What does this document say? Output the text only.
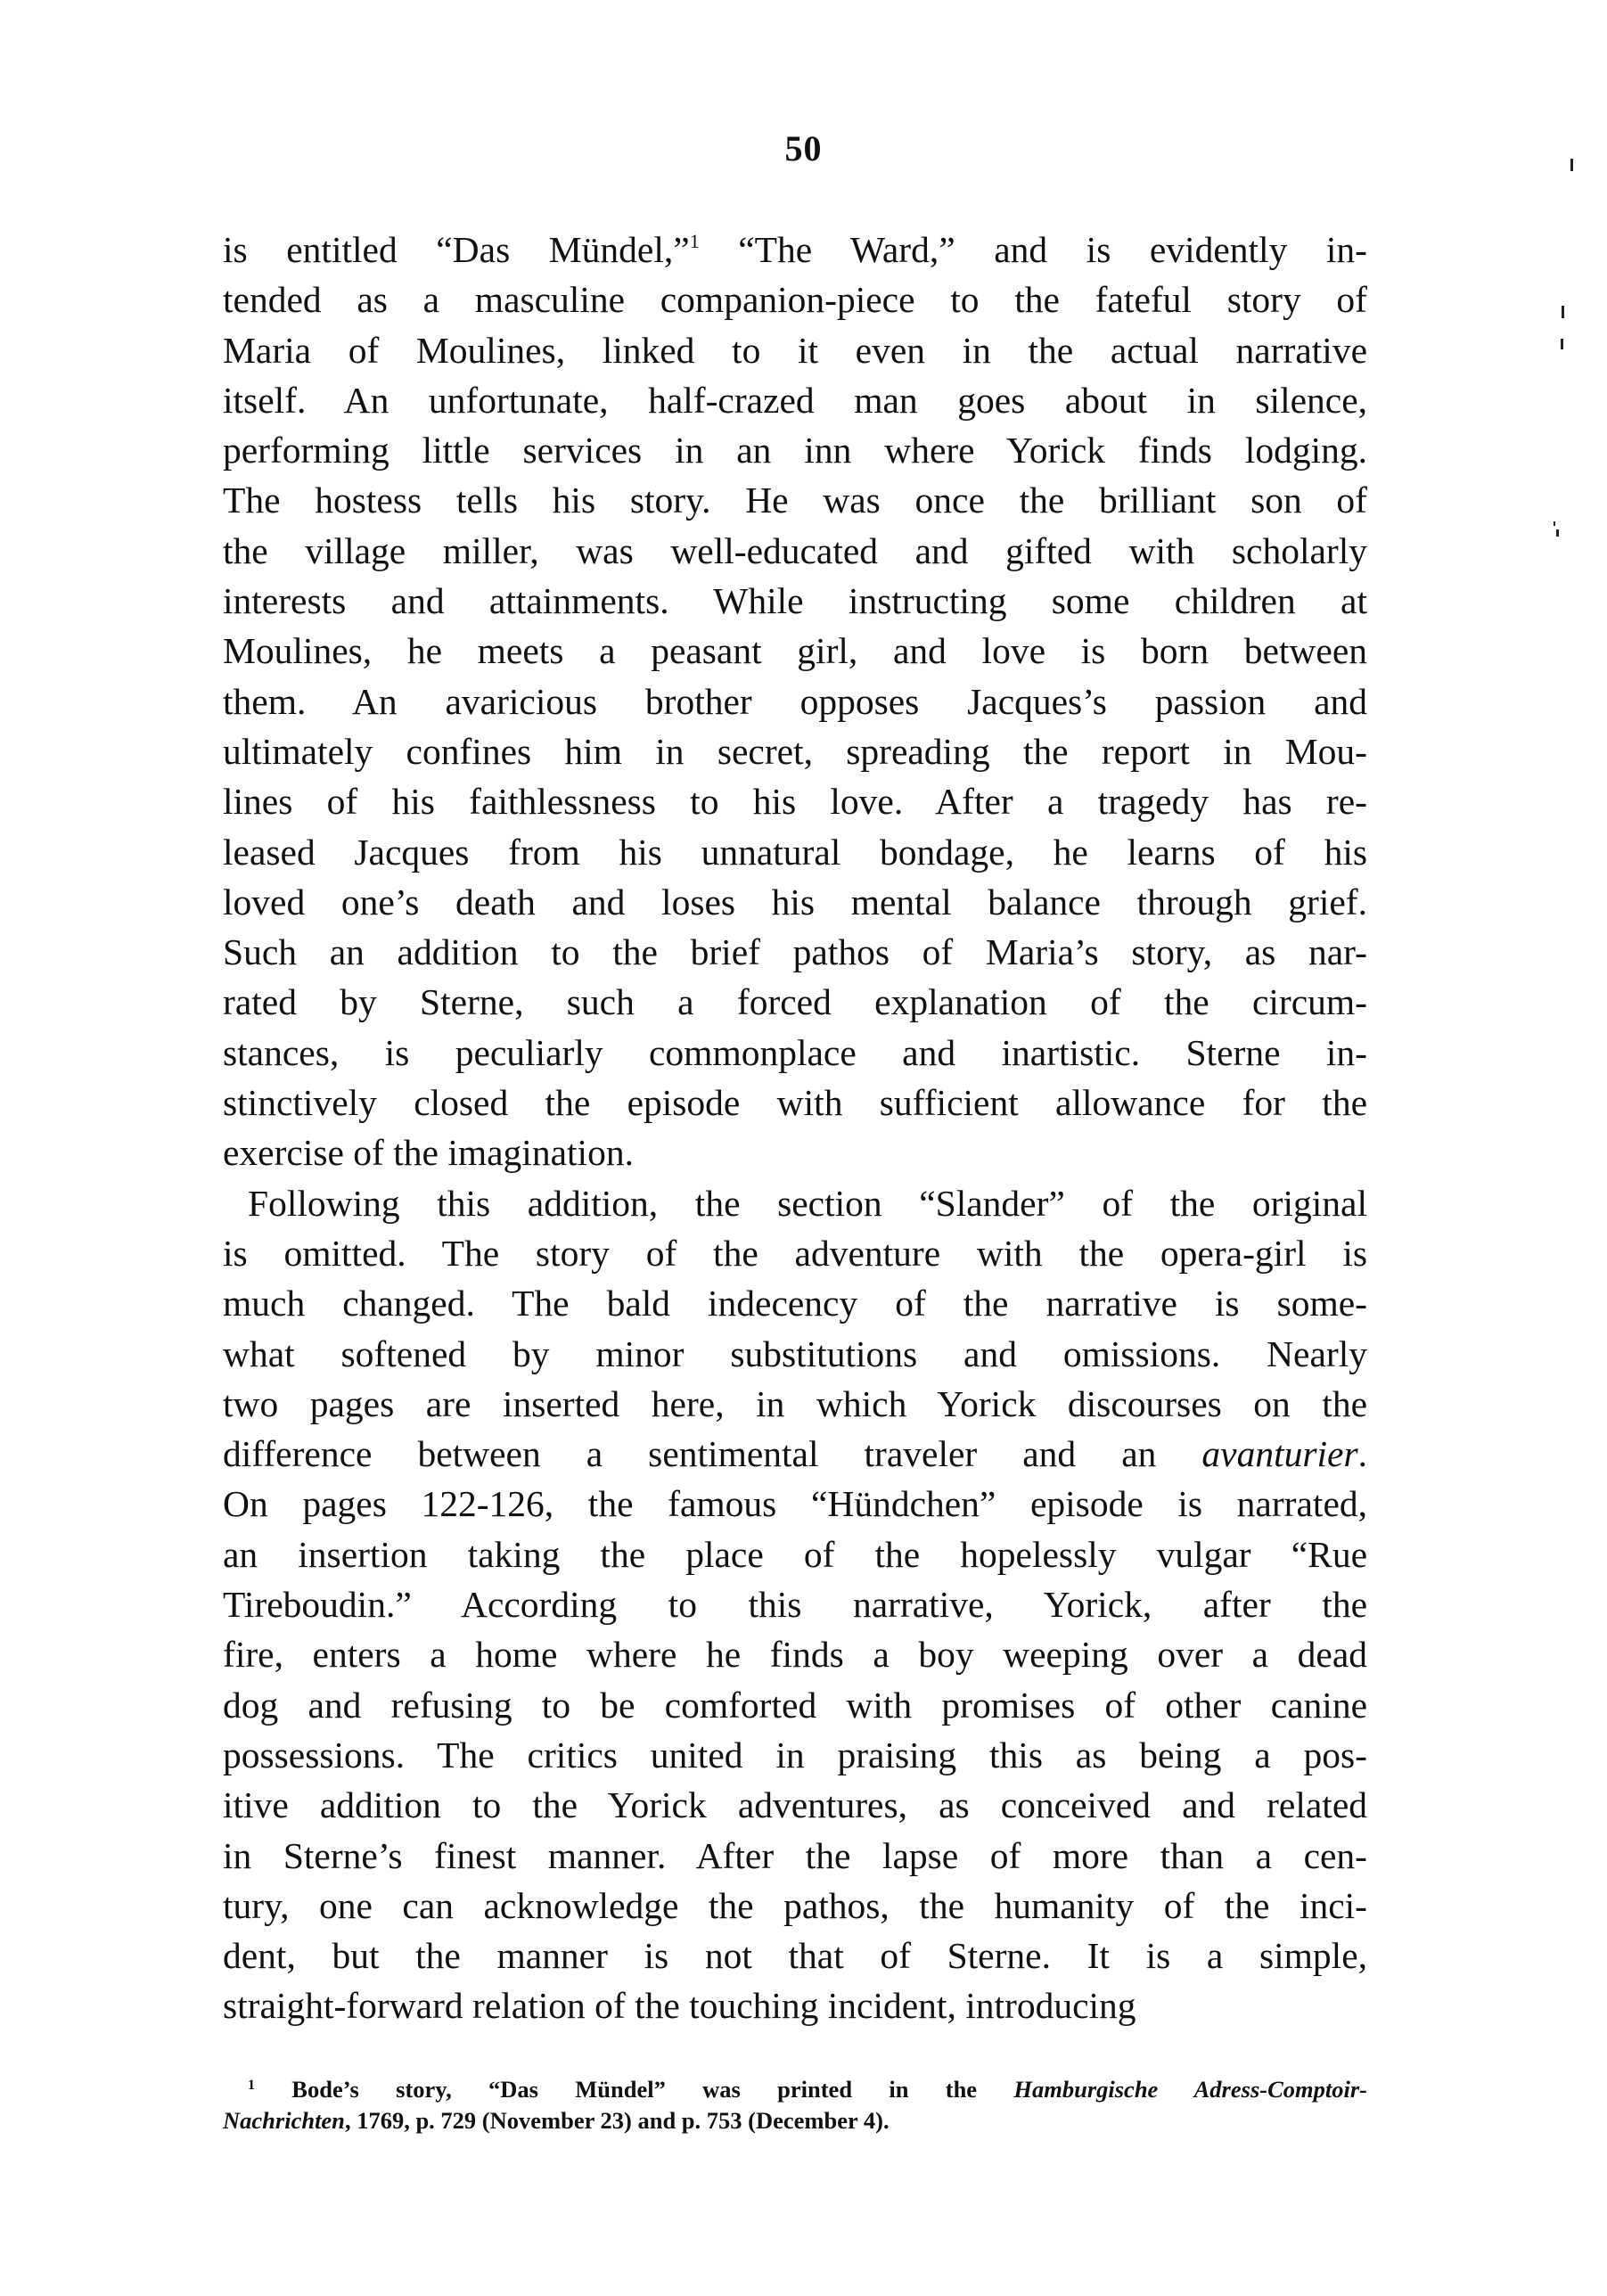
50
is entitled “Das Mündel,”$^1$ “The Ward,” and is evidently in-
tended as a masculine companion-piece to the fateful story of
Maria of Moulines, linked to it even in the actual narrative
itself. An unfortunate, half-crazed man goes about in silence,
performing little services in an inn where Yorick finds lodging.
The hostess tells his story. He was once the brilliant son of
the village miller, was well-educated and gifted with scholarly
interests and attainments. While instructing some children at
Moulines, he meets a peasant girl, and love is born between
them. An avaricious brother opposes Jacques’s passion and
ultimately confines him in secret, spreading the report in Mou-
lines of his faithlessness to his love. After a tragedy has re-
leased Jacques from his unnatural bondage, he learns of his
loved one’s death and loses his mental balance through grief.
Such an addition to the brief pathos of Maria’s story, as nar-
rated by Sterne, such a forced explanation of the circum-
stances, is peculiarly commonplace and inartistic. Sterne in-
stinctively closed the episode with sufficient allowance for the
exercise of the imagination.
Following this addition, the section “Slander” of the original
is omitted. The story of the adventure with the opera-girl is
much changed. The bald indecency of the narrative is some-
what softened by minor substitutions and omissions. Nearly
two pages are inserted here, in which Yorick discourses on the
difference between a sentimental traveler and an avanturier.
On pages 122-126, the famous “Hündchen” episode is narrated,
an insertion taking the place of the hopelessly vulgar “Rue
Tireboudin.” According to this narrative, Yorick, after the
fire, enters a home where he finds a boy weeping over a dead
dog and refusing to be comforted with promises of other canine
possessions. The critics united in praising this as being a pos-
itive addition to the Yorick adventures, as conceived and related
in Sterne’s finest manner. After the lapse of more than a cen-
tury, one can acknowledge the pathos, the humanity of the inci-
dent, but the manner is not that of Sterne. It is a simple,
straight-forward relation of the touching incident, introducing
$^1$ Bode’s story, “Das Mündel” was printed in the Hamburgische Adress-Comptoir-
Nachrichten, 1769, p. 729 (November 23) and p. 753 (December 4).
